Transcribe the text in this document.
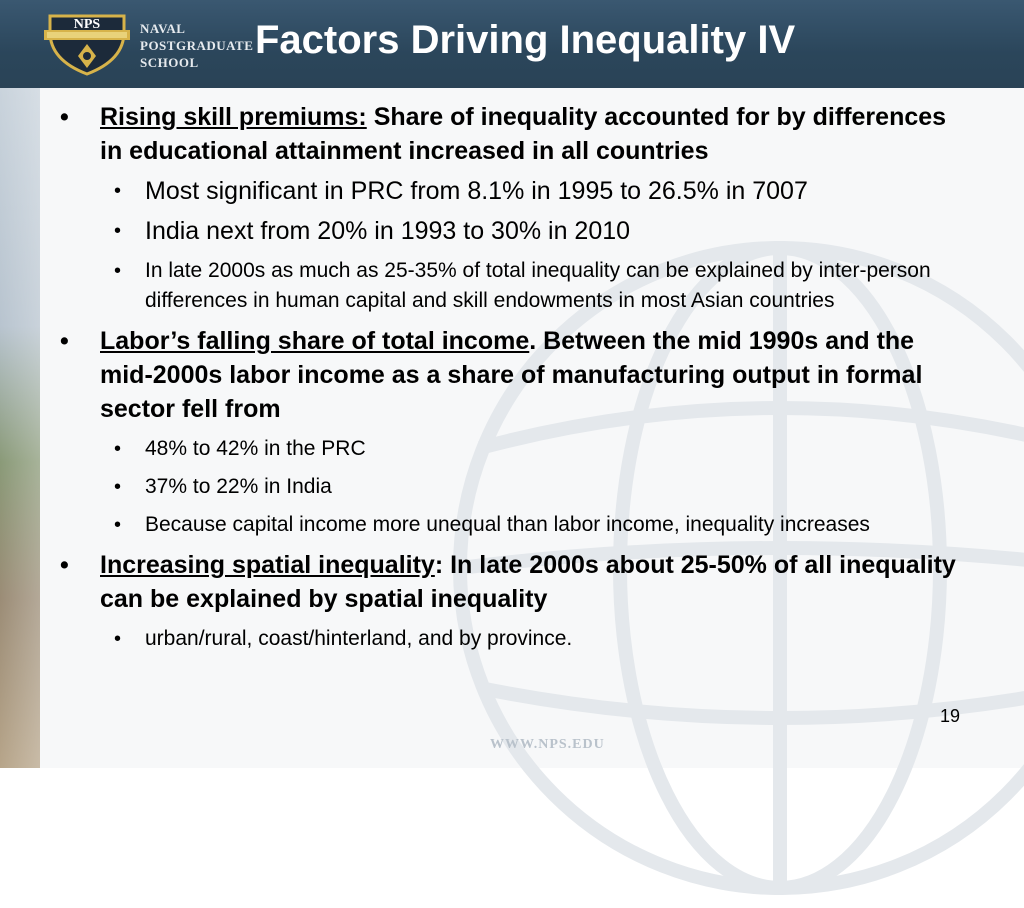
NPS	NAVAL
POSTGRADUATE
SCHOOL
Factors Driving Inequality IV
• Rising skill premiums: Share of inequality accounted for by differences in educational attainment increased in all countries
• Most significant in PRC from 8.1% in 1995 to 26.5% in 7007
• India next from 20% in 1993 to 30% in 2010
• In late 2000s as much as 25-35% of total inequality can be explained by inter-person differences in human capital and skill endowments in most Asian countries
• Labor’s falling share of total income. Between the mid 1990s and the mid-2000s labor income as a share of manufacturing output in formal sector fell from
• 48% to 42% in the PRC
• 37% to 22% in India
• Because capital income more unequal than labor income, inequality increases
• Increasing spatial inequality: In late 2000s about 25-50% of all inequality can be explained by spatial inequality
• urban/rural, coast/hinterland, and by province.
WWW.NPS.EDU
19
